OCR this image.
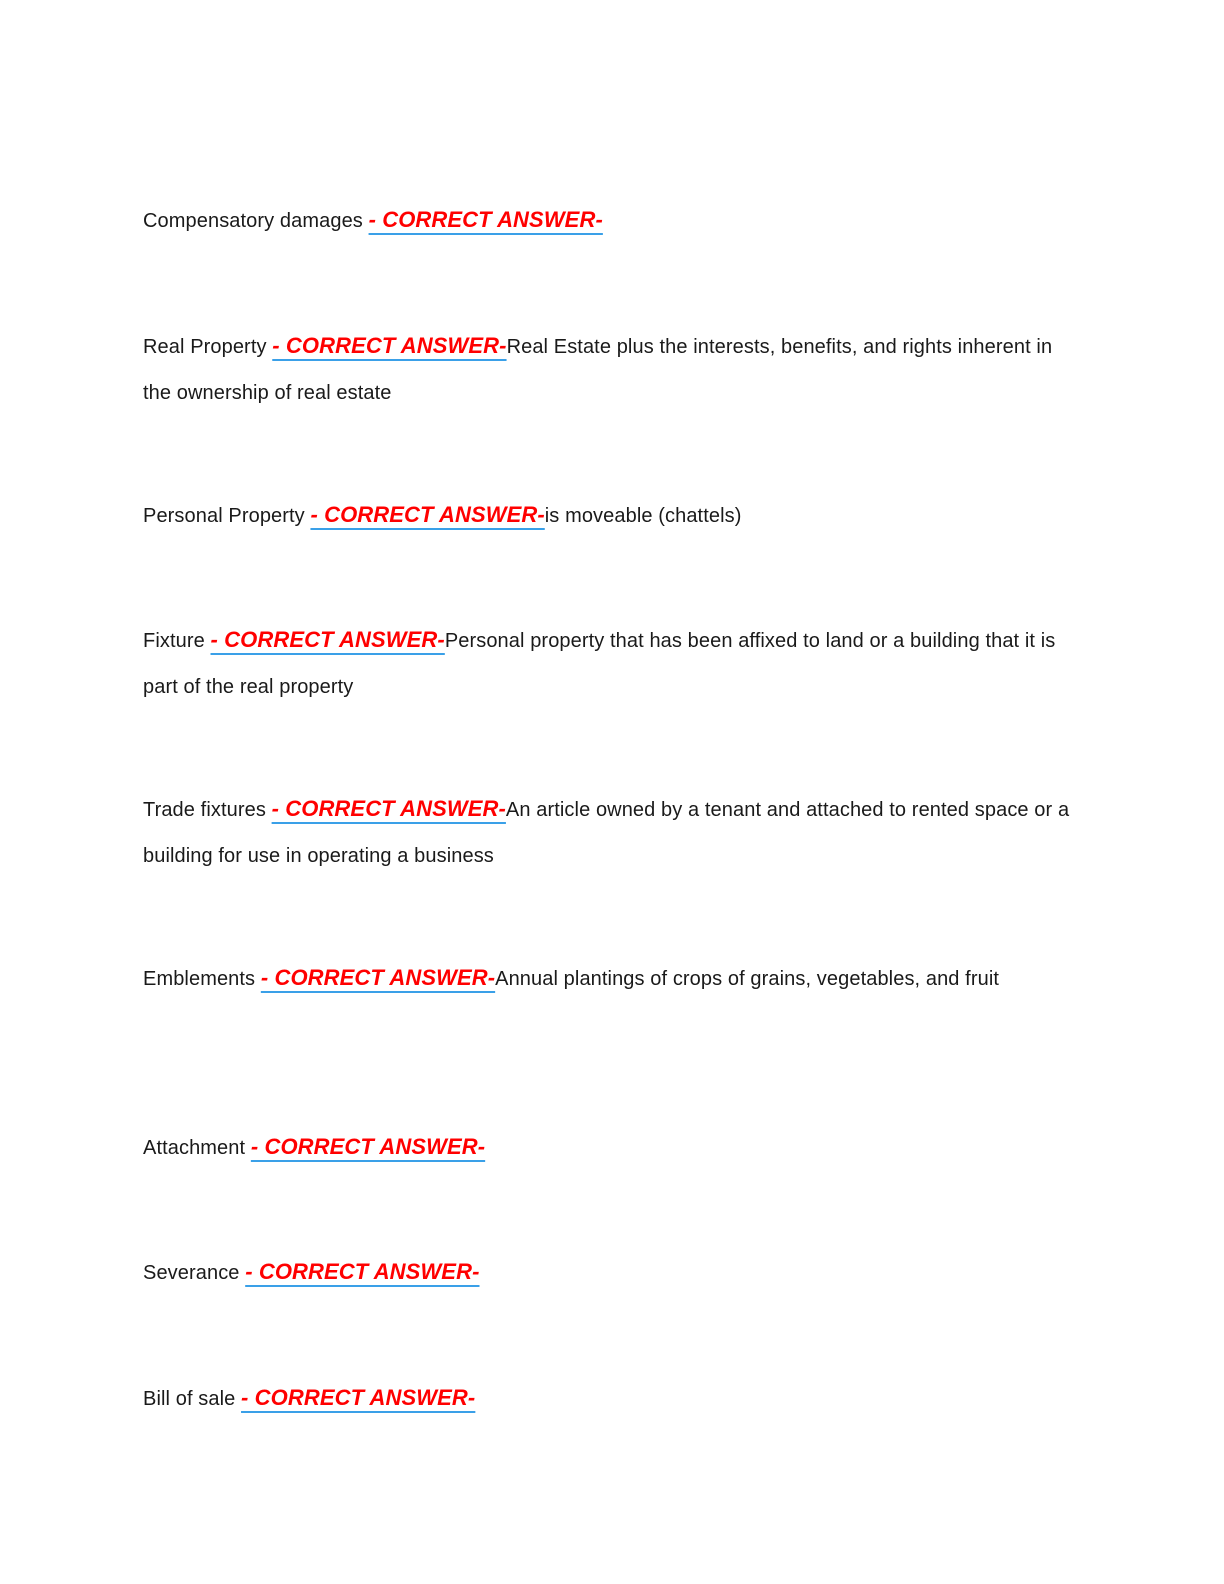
Compensatory damages - CORRECT ANSWER-
Real Property - CORRECT ANSWER-Real Estate plus the interests, benefits, and rights inherent in the ownership of real estate
Personal Property - CORRECT ANSWER-is moveable (chattels)
Fixture - CORRECT ANSWER-Personal property that has been affixed to land or a building that it is part of the real property
Trade fixtures - CORRECT ANSWER-An article owned by a tenant and attached to rented space or a building for use in operating a business
Emblements - CORRECT ANSWER-Annual plantings of crops of grains, vegetables, and fruit
Attachment - CORRECT ANSWER-
Severance - CORRECT ANSWER-
Bill of sale - CORRECT ANSWER-
